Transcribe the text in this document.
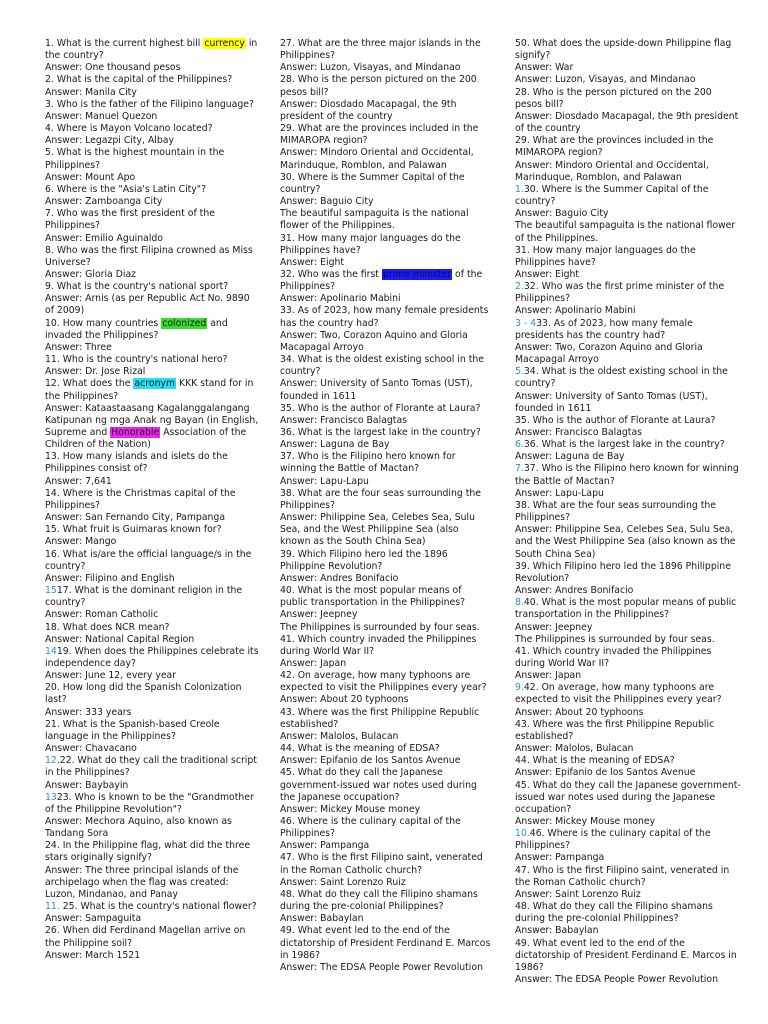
1. What is the current highest bill currency in the country?

Answer: One thousand pesos

2. What is the capital of the Philippines?

Answer: Manila City

3. Who is the father of the Filipino language?

Answer: Manuel Quezon

4. Where is Mayon Volcano located?

Answer: Legazpi City, Albay

5. What is the highest mountain in the Philippines?

Answer: Mount Apo

6. Where is the "Asia's Latin City"?

Answer: Zamboanga City

7. Who was the first president of the Philippines?

Answer: Emilio Aguinaldo

8. Who was the first Filipina crowned as Miss Universe?

Answer: Gloria Diaz

9. What is the country's national sport?

Answer: Arnis (as per Republic Act No. 9890 of 2009)

10. How many countries colonized and invaded the Philippines?

Answer: Three

11. Who is the country's national hero?

Answer: Dr. Jose Rizal

12. What does the acronym KKK stand for in the Philippines?

Answer: Kataastaasang Kagalanggalangang Katipunan ng mga Anak ng Bayan (in English, Supreme and Honorable Association of the Children of the Nation)

13. How many islands and islets do the Philippines consist of?

Answer: 7,641

14. Where is the Christmas capital of the Philippines?

Answer: San Fernando City, Pampanga

15. What fruit is Guimaras known for?

Answer: Mango

16. What is/are the official language/s in the country?

Answer: Filipino and English

1517. What is the dominant religion in the country?

Answer: Roman Catholic

18. What does NCR mean?

Answer: National Capital Region

1419. When does the Philippines celebrate its independence day?

Answer: June 12, every year

20. How long did the Spanish Colonization last?

Answer: 333 years

21. What is the Spanish-based Creole language in the Philippines?

Answer: Chavacano

12.22. What do they call the traditional script in the Philippines?

Answer: Baybayin

1323. Who is known to be the "Grandmother of the Philippine Revolution"?

Answer: Mechora Aquino, also known as Tandang Sora

24. In the Philippine flag, what did the three stars originally signify?

Answer: The three principal islands of the archipelago when the flag was created: Luzon, Mindanao, and Panay

11. 25. What is the country's national flower?

Answer: Sampaguita

26. When did Ferdinand Magellan arrive on the Philippine soil?

Answer: March 1521

27. What are the three major islands in the Philippines?

Answer: Luzon, Visayas, and Mindanao

28. Who is the person pictured on the 200 pesos bill?

Answer: Diosdado Macapagal, the 9th president of the country

29. What are the provinces included in the MIMAROPA region?

Answer: Mindoro Oriental and Occidental, Marinduque, Romblon, and Palawan

30. Where is the Summer Capital of the country?

Answer: Baguio City

The beautiful sampaguita is the national flower of the Philippines.

31. How many major languages do the Philippines have?

Answer: Eight

32. Who was the first prime minister of the Philippines?

Answer: Apolinario Mabini

33. As of 2023, how many female presidents has the country had?

Answer: Two, Corazon Aquino and Gloria Macapagal Arroyo

34. What is the oldest existing school in the country?

Answer: University of Santo Tomas (UST), founded in 1611

35. Who is the author of Florante at Laura?

Answer: Francisco Balagtas

36. What is the largest lake in the country?

Answer: Laguna de Bay

37. Who is the Filipino hero known for winning the Battle of Mactan?

Answer: Lapu-Lapu

38. What are the four seas surrounding the Philippines?

Answer: Philippine Sea, Celebes Sea, Sulu Sea, and the West Philippine Sea (also known as the South China Sea)

39. Which Filipino hero led the 1896 Philippine Revolution?

Answer: Andres Bonifacio

40. What is the most popular means of public transportation in the Philippines?

Answer: Jeepney

The Philippines is surrounded by four seas.

41. Which country invaded the Philippines during World War II?

Answer: Japan

42. On average, how many typhoons are expected to visit the Philippines every year?

Answer: About 20 typhoons

43. Where was the first Philippine Republic established?

Answer: Malolos, Bulacan

44. What is the meaning of EDSA?

Answer: Epifanio de los Santos Avenue

45. What do they call the Japanese government-issued war notes used during the Japanese occupation?

Answer: Mickey Mouse money

46. Where is the culinary capital of the Philippines?

Answer: Pampanga

47. Who is the first Filipino saint, venerated in the Roman Catholic church?

Answer: Saint Lorenzo Ruiz

48. What do they call the Filipino shamans during the pre-colonial Philippines?

Answer: Babaylan

49. What event led to the end of the dictatorship of President Ferdinand E. Marcos in 1986?

Answer: The EDSA People Power Revolution

50. What does the upside-down Philippine flag signify?

Answer: War

Answer: Luzon, Visayas, and Mindanao

28. Who is the person pictured on the 200 pesos bill?

Answer: Diosdado Macapagal, the 9th president of the country

29. What are the provinces included in the MIMAROPA region?

Answer: Mindoro Oriental and Occidental, Marinduque, Romblon, and Palawan

1.30. Where is the Summer Capital of the country?

Answer: Baguio City

The beautiful sampaguita is the national flower of the Philippines.

31. How many major languages do the Philippines have?

Answer: Eight

2.32. Who was the first prime minister of the Philippines?

Answer: Apolinario Mabini

3 - 433. As of 2023, how many female presidents has the country had?

Answer: Two, Corazon Aquino and Gloria Macapagal Arroyo

5.34. What is the oldest existing school in the country?

Answer: University of Santo Tomas (UST), founded in 1611

35. Who is the author of Florante at Laura?

Answer: Francisco Balagtas

6.36. What is the largest lake in the country?

Answer: Laguna de Bay

7.37. Who is the Filipino hero known for winning the Battle of Mactan?

Answer: Lapu-Lapu

38. What are the four seas surrounding the Philippines?

Answer: Philippine Sea, Celebes Sea, Sulu Sea, and the West Philippine Sea (also known as the South China Sea)

39. Which Filipino hero led the 1896 Philippine Revolution?

Answer: Andres Bonifacio

8.40. What is the most popular means of public transportation in the Philippines?

Answer: Jeepney

The Philippines is surrounded by four seas.

41. Which country invaded the Philippines during World War II?

Answer: Japan

9.42. On average, how many typhoons are expected to visit the Philippines every year?

Answer: About 20 typhoons

43. Where was the first Philippine Republic established?

Answer: Malolos, Bulacan

44. What is the meaning of EDSA?

Answer: Epifanio de los Santos Avenue

45. What do they call the Japanese government-issued war notes used during the Japanese occupation?

Answer: Mickey Mouse money

10.46. Where is the culinary capital of the Philippines?

Answer: Pampanga

47. Who is the first Filipino saint, venerated in the Roman Catholic church?

Answer: Saint Lorenzo Ruiz

48. What do they call the Filipino shamans during the pre-colonial Philippines?

Answer: Babaylan

49. What event led to the end of the dictatorship of President Ferdinand E. Marcos in 1986?

Answer: The EDSA People Power Revolution
